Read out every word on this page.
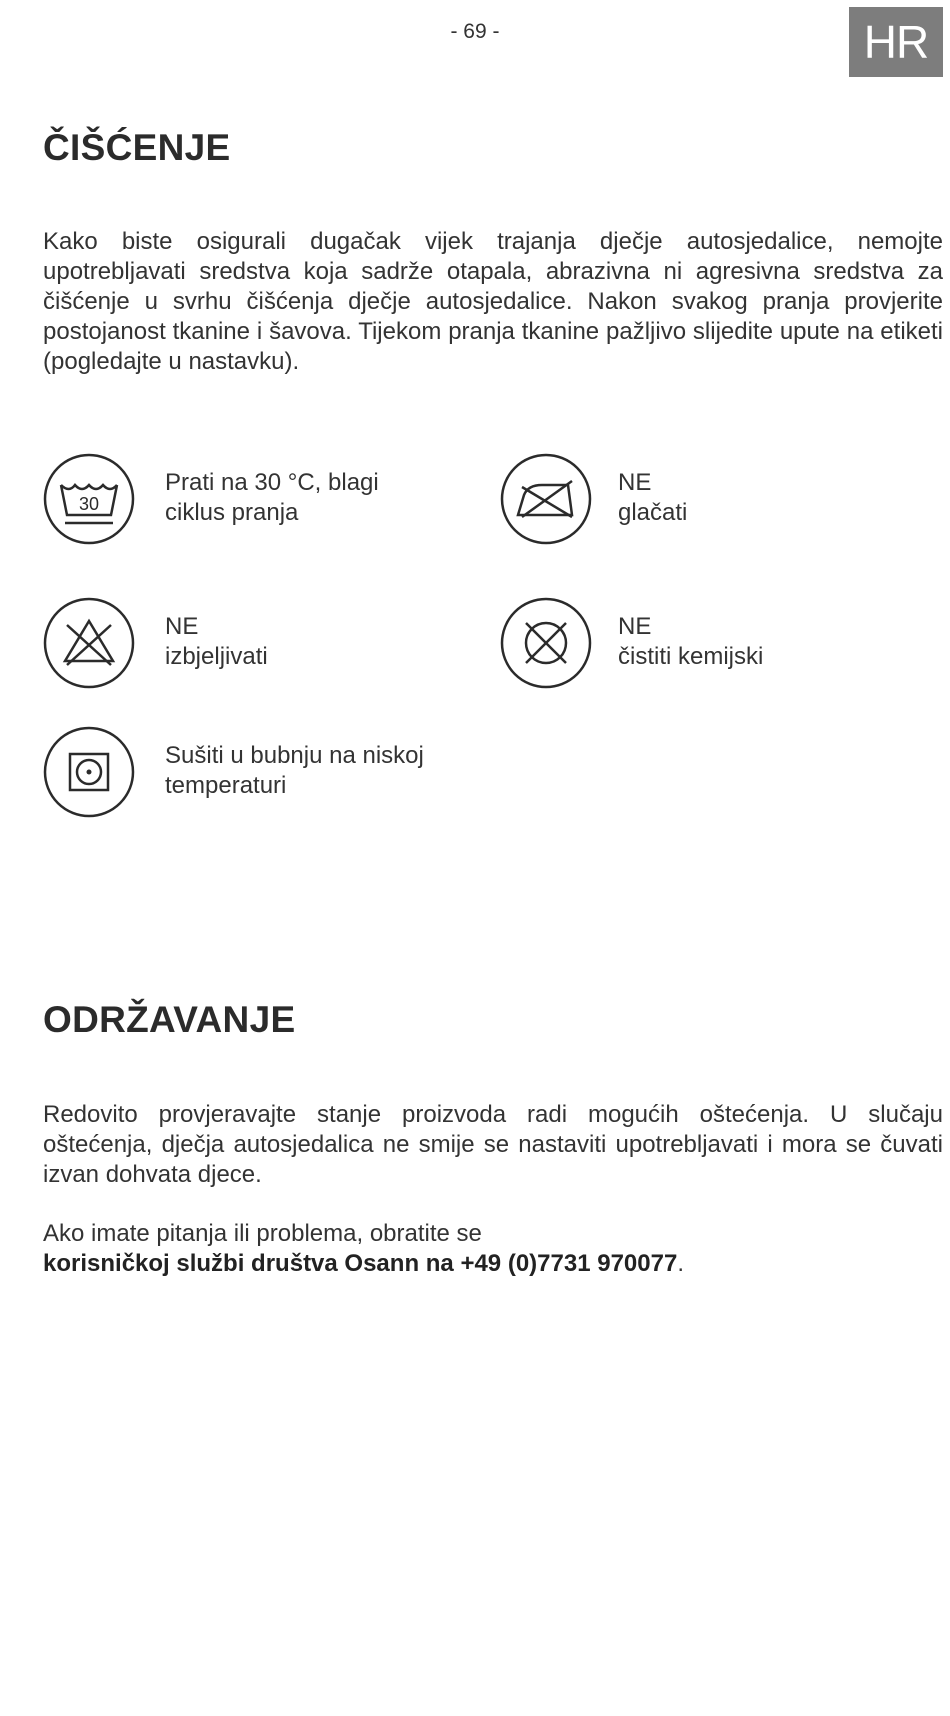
- 69 -	HR
ČIŠĆENJE

Kako biste osigurali dugačak vijek trajanja dječje autosjedalice, nemojte upotrebljavati sredstva koja sadrže otapala, abrazivna ni agresivna sredstva za čišćenje u svrhu čišćenja dječje autosjedalice. Nakon svakog pranja provjerite postojanost tkanine i šavova. Tijekom pranja tkanine pažljivo slijedite upute na etiketi (pogledajte u nastavku).

30
Prati na 30 °C, blagi
ciklus pranja
NE
glačati
NE
izbjeljivati
NE
čistiti kemijski
Sušiti u bubnju na niskoj
temperaturi
ODRŽAVANJE

Redovito provjeravajte stanje proizvoda radi mogućih oštećenja. U slučaju oštećenja, dječja autosjedalica ne smije se nastaviti upotrebljavati i mora se čuvati izvan dohvata djece.

Ako imate pitanja ili problema, obratite se
korisničkoj službi društva Osann na +49 (0)7731 970077.
